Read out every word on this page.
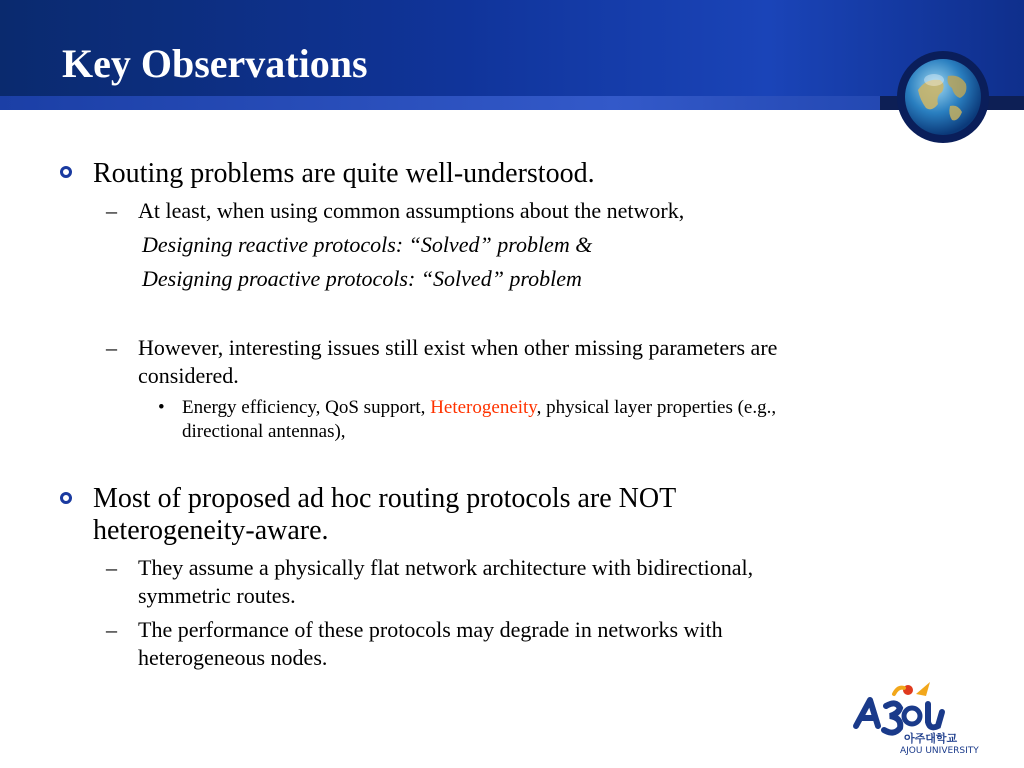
Key Observations
Routing problems are quite well-understood.
– At least, when using common assumptions about the network,
Designing reactive protocols: “Solved” problem &
Designing proactive protocols: “Solved” problem
– However, interesting issues still exist when other missing parameters are
considered.
• Energy efficiency, QoS support, Heterogeneity, physical layer properties (e.g.,
directional antennas),
Most of proposed ad hoc routing protocols are NOT
heterogeneity-aware.
– They assume a physically flat network architecture with bidirectional,
symmetric routes.
– The performance of these protocols may degrade in networks with
heterogeneous nodes.
아주대학교
AJOU UNIVERSITY
